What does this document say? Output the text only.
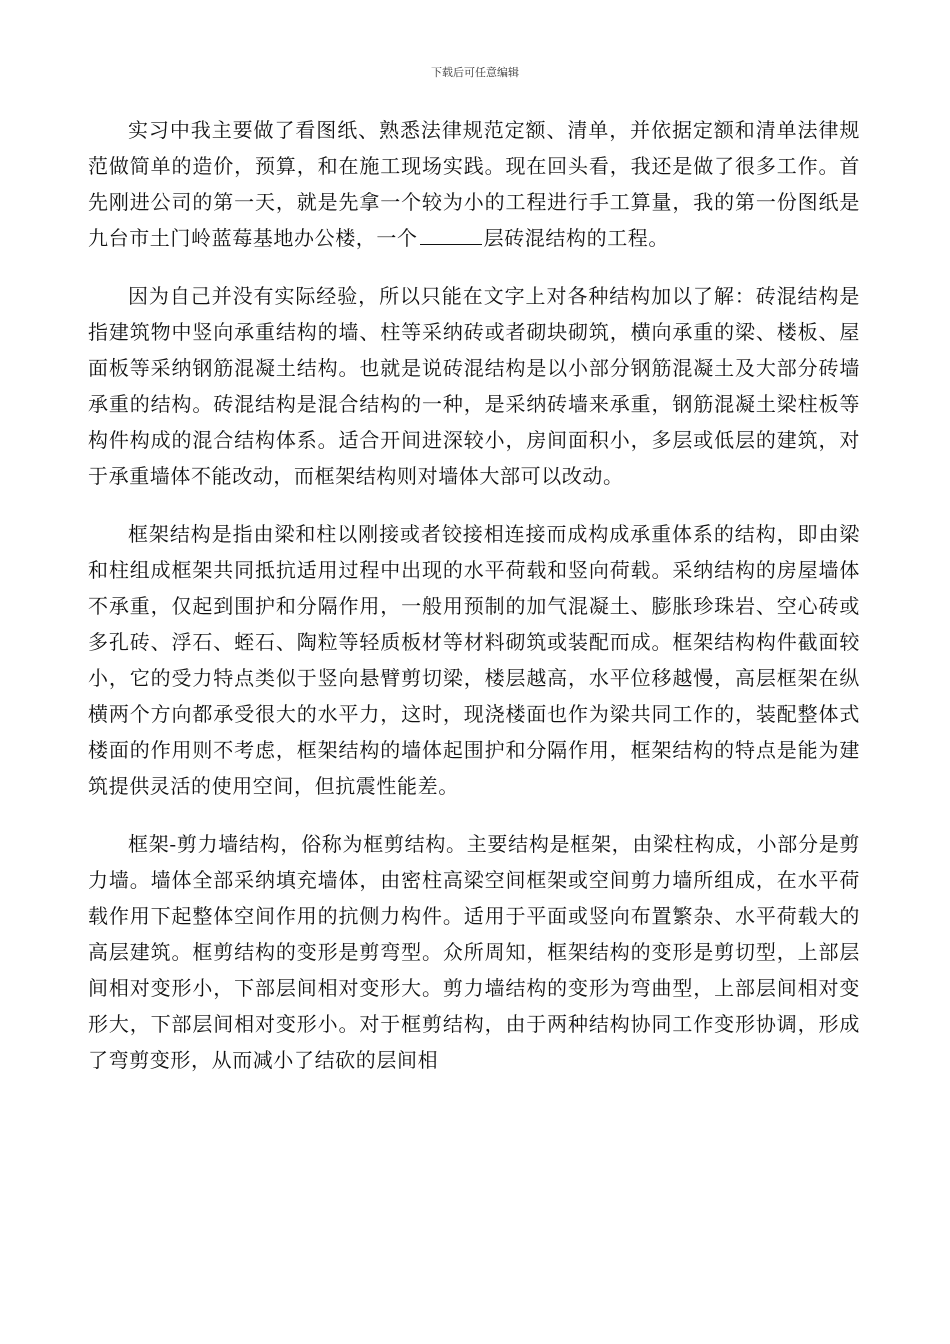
下载后可任意编辑

实习中我主要做了看图纸、熟悉法律规范定额、清单，并依据定额和清单法律规范做简单的造价，预算，和在施工现场实践。现在回头看，我还是做了很多工作。首先刚进公司的第一天，就是先拿一个较为小的工程进行手工算量，我的第一份图纸是九台市土门岭蓝莓基地办公楼，一个	层砖混结构的工程。

因为自己并没有实际经验，所以只能在文字上对各种结构加以了解：砖混结构是指建筑物中竖向承重结构的墙、柱等采纳砖或者砌块砌筑，横向承重的梁、楼板、屋面板等采纳钢筋混凝土结构。也就是说砖混结构是以小部分钢筋混凝土及大部分砖墙承重的结构。砖混结构是混合结构的一种，是采纳砖墙来承重，钢筋混凝土梁柱板等构件构成的混合结构体系。适合开间进深较小，房间面积小，多层或低层的建筑，对于承重墙体不能改动，而框架结构则对墙体大部可以改动。

框架结构是指由梁和柱以刚接或者铰接相连接而成构成承重体系的结构，即由梁和柱组成框架共同抵抗适用过程中出现的水平荷载和竖向荷载。采纳结构的房屋墙体不承重，仅起到围护和分隔作用，一般用预制的加气混凝土、膨胀珍珠岩、空心砖或多孔砖、浮石、蛭石、陶粒等轻质板材等材料砌筑或装配而成。框架结构构件截面较小，它的受力特点类似于竖向悬臂剪切梁，楼层越高，水平位移越慢，高层框架在纵横两个方向都承受很大的水平力，这时，现浇楼面也作为梁共同工作的，装配整体式楼面的作用则不考虑，框架结构的墙体起围护和分隔作用，框架结构的特点是能为建筑提供灵活的使用空间，但抗震性能差。

框架-剪力墙结构，俗称为框剪结构。主要结构是框架，由梁柱构成，小部分是剪力墙。墙体全部采纳填充墙体，由密柱高梁空间框架或空间剪力墙所组成，在水平荷载作用下起整体空间作用的抗侧力构件。适用于平面或竖向布置繁杂、水平荷载大的高层建筑。框剪结构的变形是剪弯型。众所周知，框架结构的变形是剪切型，上部层间相对变形小，下部层间相对变形大。剪力墙结构的变形为弯曲型，上部层间相对变形大，下部层间相对变形小。对于框剪结构，由于两种结构协同工作变形协调，形成了弯剪变形，从而减小了结砍的层间相
